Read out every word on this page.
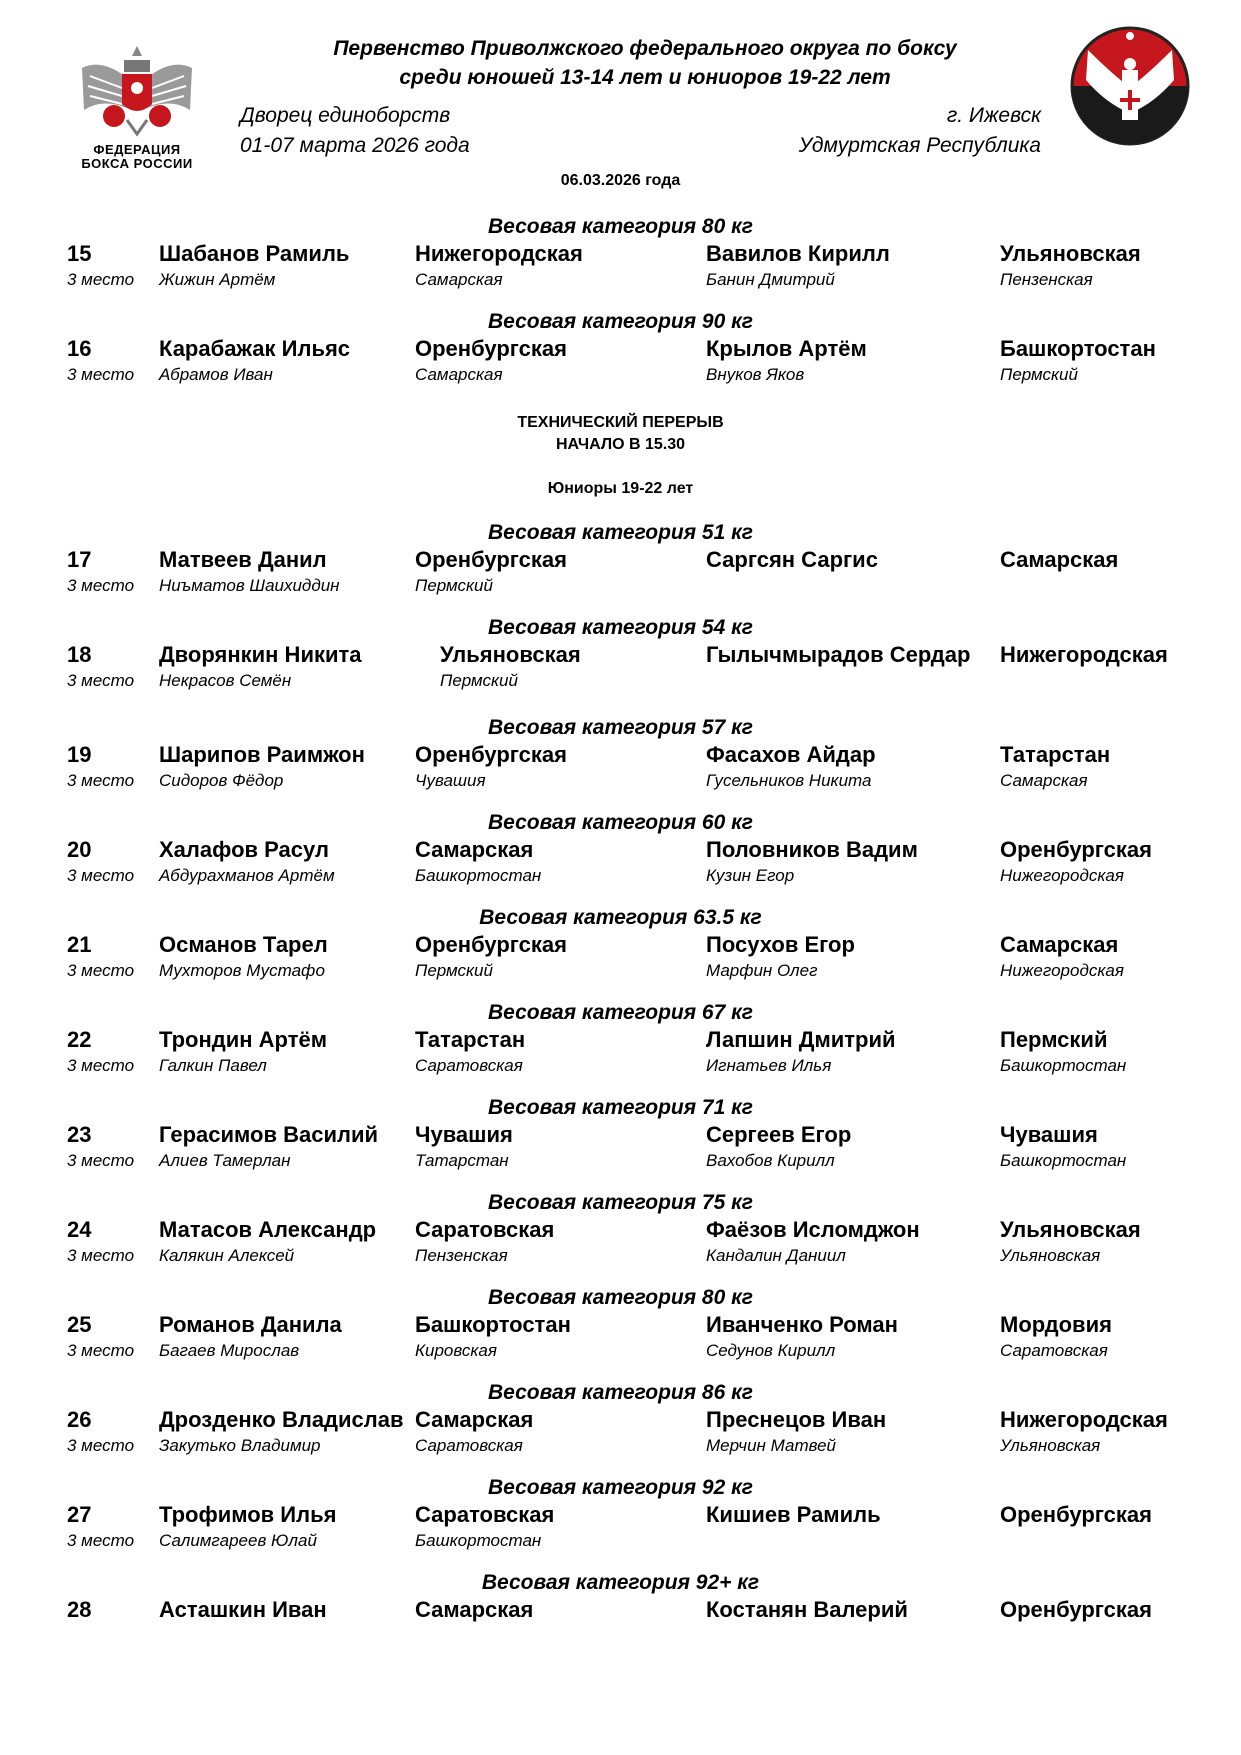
ФЕДЕРАЦИЯ
БОКСА РОССИИ
Первенство Приволжского федерального округа по боксу
среди юношей 13-14 лет и юниоров 19-22 лет
Дворец единоборств
01-07 марта 2026 года
г. Ижевск
Удмуртская Республика
06.03.2026 года
ТЕХНИЧЕСКИЙ ПЕРЕРЫВ
НАЧАЛО В 15.30
Юниоры 19-22 лет
Весовая категория 80 кг
15	Шабанов Рамиль	Нижегородская	Вавилов Кирилл	Ульяновская
3 место Жижин Артём	Самарская	Банин Дмитрий	Пензенская
Весовая категория 90 кг
16	Карабажак Ильяс	Оренбургская	Крылов Артём	Башкортостан
3 место Абрамов Иван	Самарская	Внуков Яков	Пермский
Весовая категория 51 кг
17	Матвеев Данил	Оренбургская	Саргсян Саргис	Самарская
3 место Ниъматов Шаихиддин	Пермский
Весовая категория 54 кг
18	Дворянкин Никита	Ульяновская	Гылычмырадов Сердар Нижегородская
3 место Некрасов Семён	Пермский
Весовая категория 57 кг
19	Шарипов Раимжон Оренбургская	Фасахов Айдар	Татарстан
3 место Сидоров Фёдор	Чувашия	Гусельников Никита	Самарская
Весовая категория 60 кг
20	Халафов Расул	Самарская	Половников Вадим	Оренбургская
3 место Абдурахманов Артём	Башкортостан	Кузин Егор	Нижегородская
Весовая категория 63.5 кг
21	Османов Тарел	Оренбургская	Посухов Егор	Самарская
3 место Мухторов Мустафо	Пермский	Марфин Олег	Нижегородская
Весовая категория 67 кг
22	Трондин Артём	Татарстан	Лапшин Дмитрий	Пермский
3 место Галкин Павел	Саратовская	Игнатьев Илья	Башкортостан
Весовая категория 71 кг
23	Герасимов Василий Чувашия	Сергеев Егор	Чувашия
3 место Алиев Тамерлан	Татарстан	Вахобов Кирилл	Башкортостан
Весовая категория 75 кг
24	Матасов Александр Саратовская	Фаёзов Исломджон	Ульяновская
3 место Калякин Алексей	Пензенская	Кандалин Даниил	Ульяновская
Весовая категория 80 кг
25	Романов Данила	Башкортостан	Иванченко Роман	Мордовия
3 место Багаев Мирослав	Кировская	Седунов Кирилл	Саратовская
Весовая категория 86 кг
26	Дрозденко Владислав Самарская	Преснецов Иван	Нижегородская
3 место Закутько Владимир	Саратовская	Мерчин Матвей	Ульяновская
Весовая категория 92 кг
27	Трофимов Илья	Саратовская	Кишиев Рамиль	Оренбургская
3 место Салимгареев Юлай	Башкортостан
Весовая категория 92+ кг
28	Асташкин Иван	Самарская	Костанян Валерий	Оренбургская
